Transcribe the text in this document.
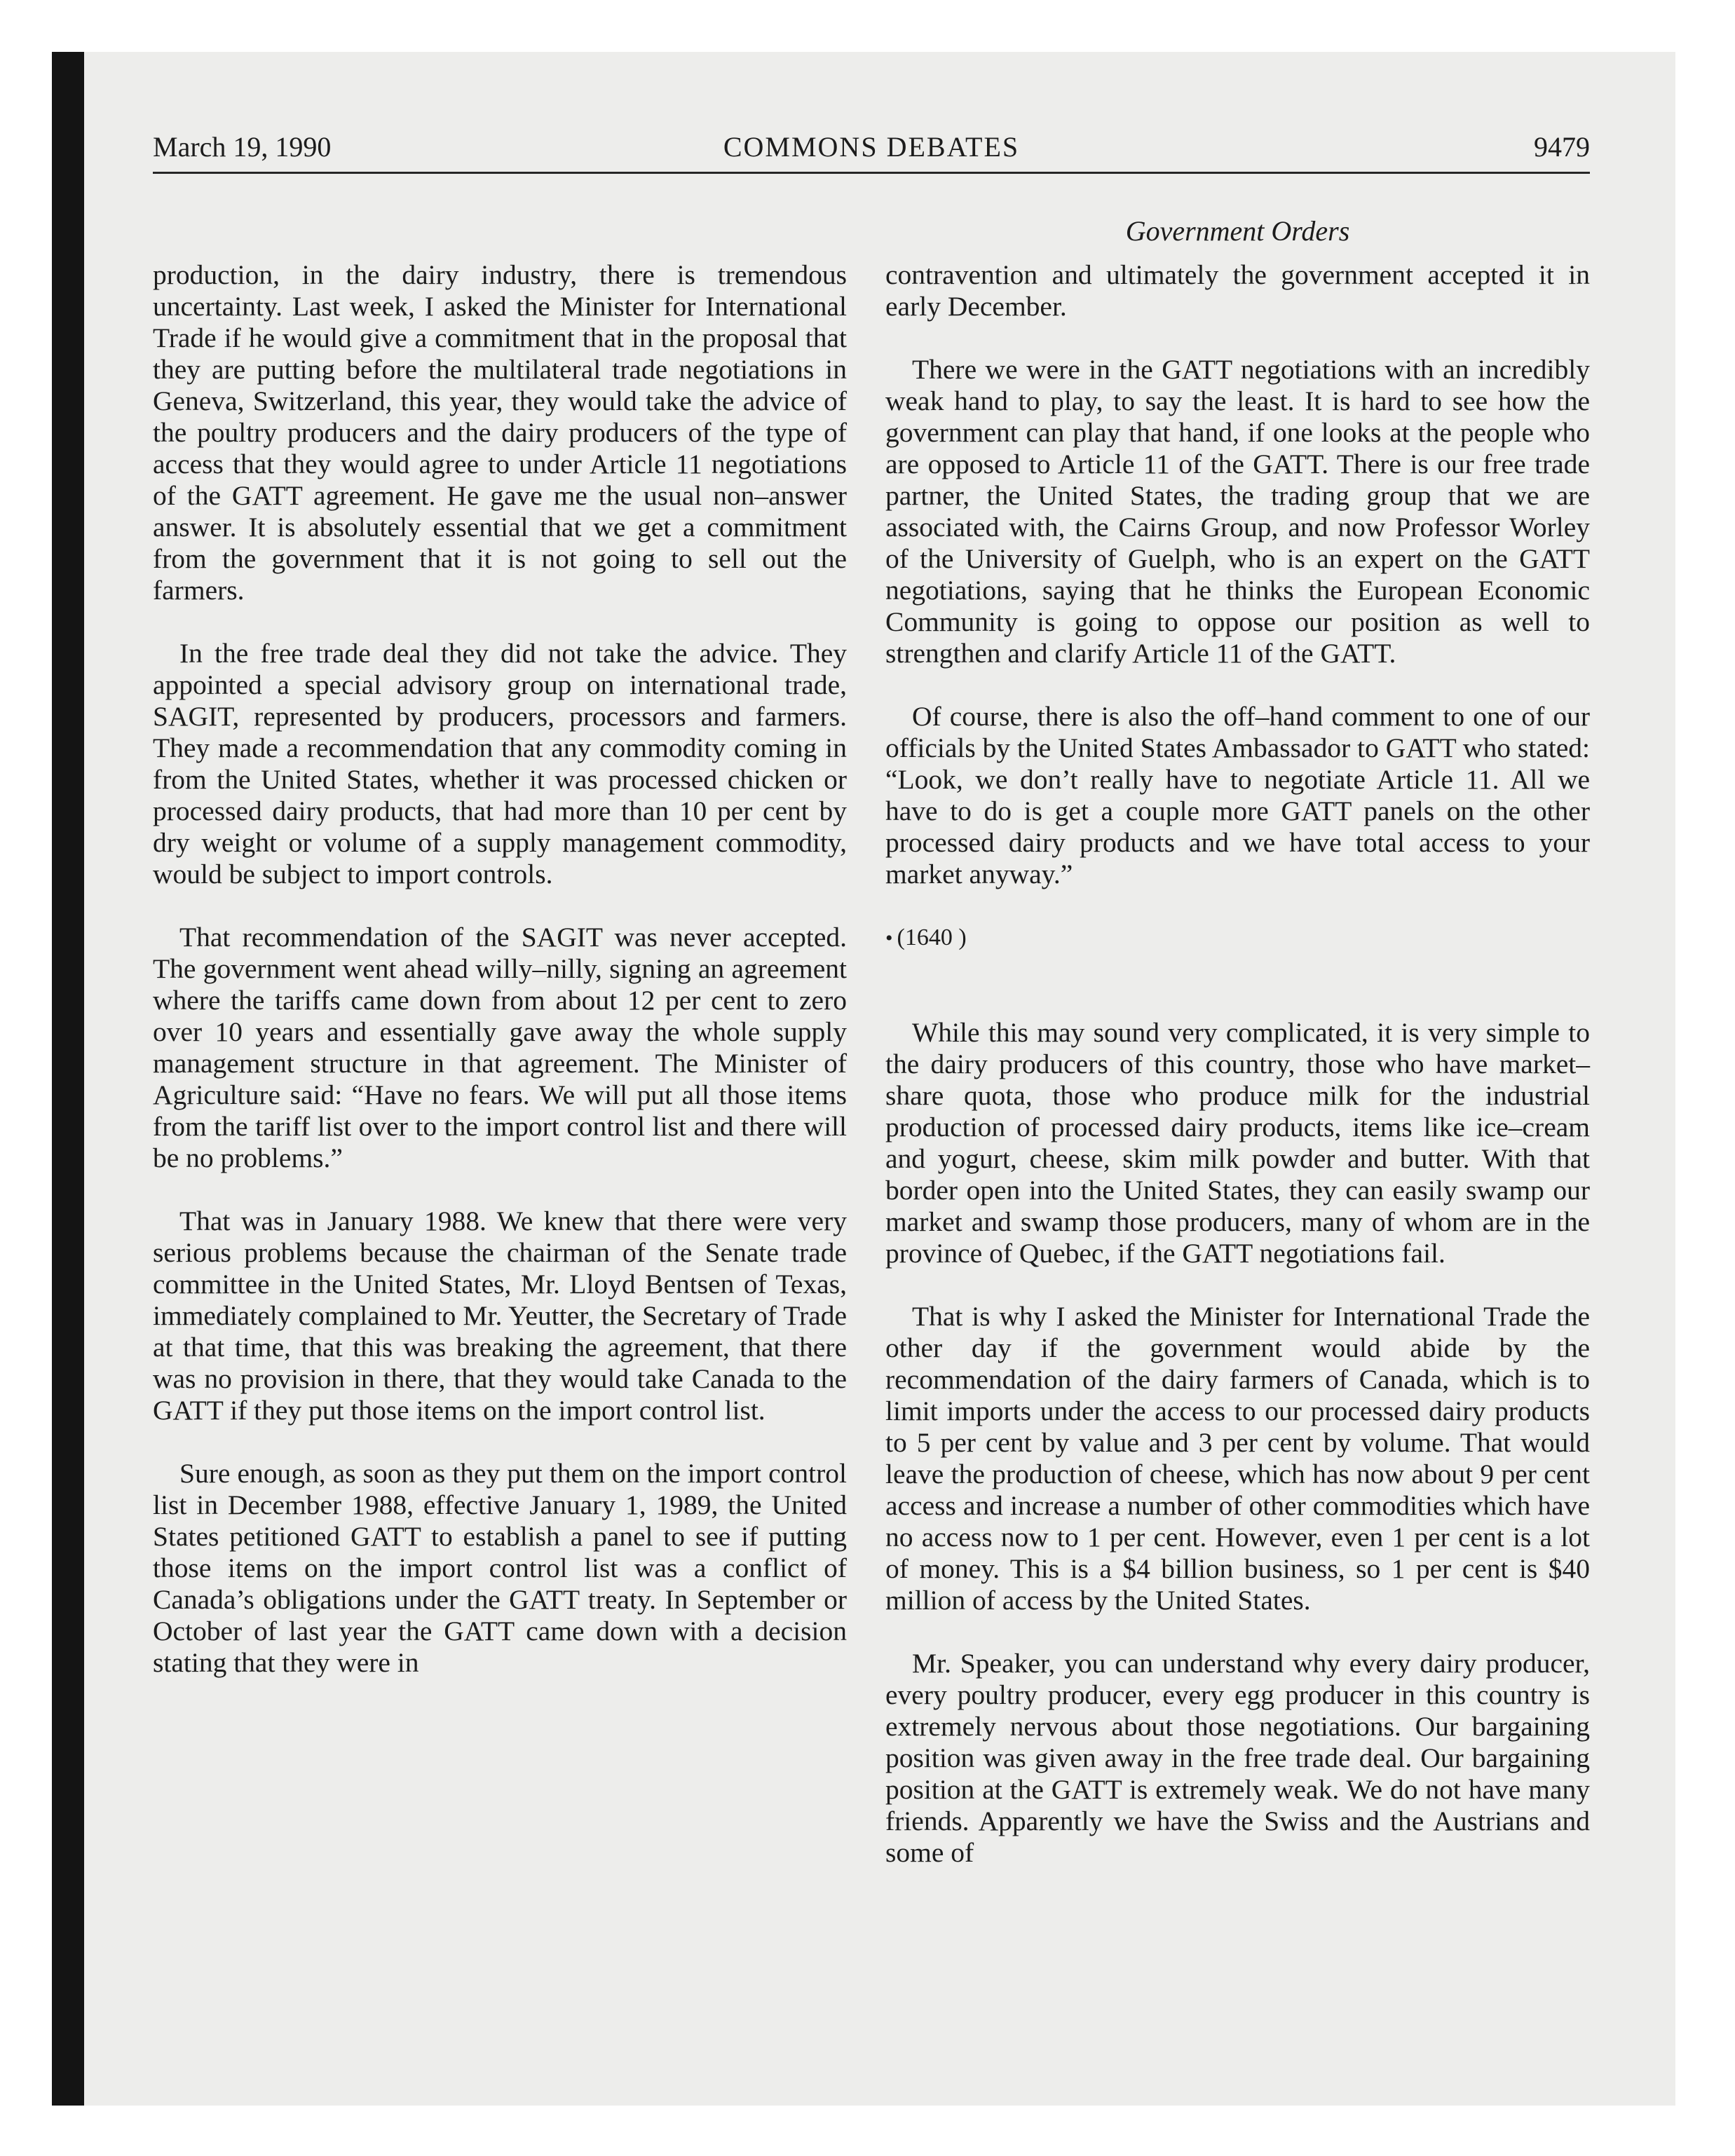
March 19, 1990	COMMONS DEBATES	9479
Government Orders

production, in the dairy industry, there is tremendous uncertainty. Last week, I asked the Minister for International Trade if he would give a commitment that in the proposal that they are putting before the multilateral trade negotiations in Geneva, Switzerland, this year, they would take the advice of the poultry producers and the dairy producers of the type of access that they would agree to under Article 11 negotiations of the GATT agreement. He gave me the usual non–answer answer. It is absolutely essential that we get a commitment from the government that it is not going to sell out the farmers.

In the free trade deal they did not take the advice. They appointed a special advisory group on international trade, SAGIT, represented by producers, processors and farmers. They made a recommendation that any commodity coming in from the United States, whether it was processed chicken or processed dairy products, that had more than 10 per cent by dry weight or volume of a supply management commodity, would be subject to import controls.

That recommendation of the SAGIT was never accepted. The government went ahead willy–nilly, signing an agreement where the tariffs came down from about 12 per cent to zero over 10 years and essentially gave away the whole supply management structure in that agreement. The Minister of Agriculture said: “Have no fears. We will put all those items from the tariff list over to the import control list and there will be no problems.”

That was in January 1988. We knew that there were very serious problems because the chairman of the Senate trade committee in the United States, Mr. Lloyd Bentsen of Texas, immediately complained to Mr. Yeutter, the Secretary of Trade at that time, that this was breaking the agreement, that there was no provision in there, that they would take Canada to the GATT if they put those items on the import control list.

Sure enough, as soon as they put them on the import control list in December 1988, effective January 1, 1989, the United States petitioned GATT to establish a panel to see if putting those items on the import control list was a conflict of Canada’s obligations under the GATT treaty. In September or October of last year the GATT came down with a decision stating that they were in

contravention and ultimately the government accepted it in early December.

There we were in the GATT negotiations with an incredibly weak hand to play, to say the least. It is hard to see how the government can play that hand, if one looks at the people who are opposed to Article 11 of the GATT. There is our free trade partner, the United States, the trading group that we are associated with, the Cairns Group, and now Professor Worley of the University of Guelph, who is an expert on the GATT negotiations, saying that he thinks the European Economic Community is going to oppose our position as well to strengthen and clarify Article 11 of the GATT.

Of course, there is also the off–hand comment to one of our officials by the United States Ambassador to GATT who stated: “Look, we don’t really have to negotiate Article 11. All we have to do is get a couple more GATT panels on the other processed dairy products and we have total access to your market anyway.”

• (1640 )

While this may sound very complicated, it is very simple to the dairy producers of this country, those who have market–share quota, those who produce milk for the industrial production of processed dairy products, items like ice–cream and yogurt, cheese, skim milk powder and butter. With that border open into the United States, they can easily swamp our market and swamp those producers, many of whom are in the province of Quebec, if the GATT negotiations fail.

That is why I asked the Minister for International Trade the other day if the government would abide by the recommendation of the dairy farmers of Canada, which is to limit imports under the access to our processed dairy products to 5 per cent by value and 3 per cent by volume. That would leave the production of cheese, which has now about 9 per cent access and increase a number of other commodities which have no access now to 1 per cent. However, even 1 per cent is a lot of money. This is a $4 billion business, so 1 per cent is $40 million of access by the United States.

Mr. Speaker, you can understand why every dairy producer, every poultry producer, every egg producer in this country is extremely nervous about those negotiations. Our bargaining position was given away in the free trade deal. Our bargaining position at the GATT is extremely weak. We do not have many friends. Apparently we have the Swiss and the Austrians and some of
